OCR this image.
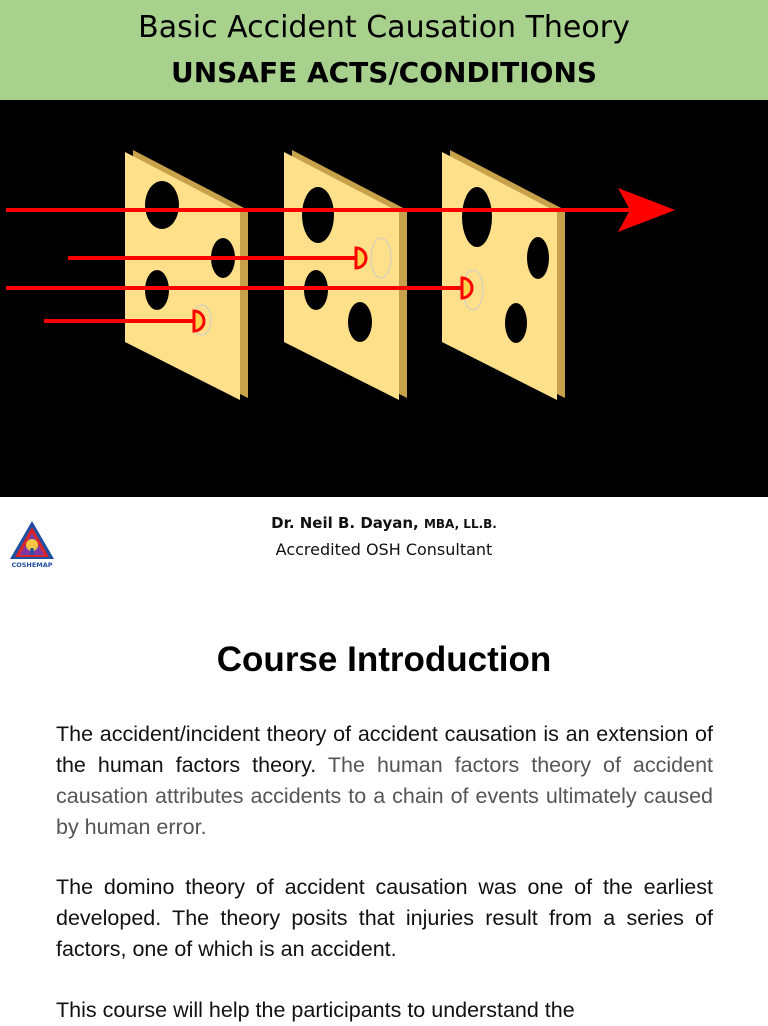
Basic Accident Causation Theory
UNSAFE ACTS/CONDITIONS
COSHEMAP
Dr. Neil B. Dayan, MBA, LL.B.
Accredited OSH Consultant
Course Introduction
The accident/incident theory of accident causation is an extension of the human factors theory. The human factors theory of accident causation attributes accidents to a chain of events ultimately caused by human error.
The domino theory of accident causation was one of the earliest developed. The theory posits that injuries result from a series of factors, one of which is an accident.
This course will help the participants to understand the
